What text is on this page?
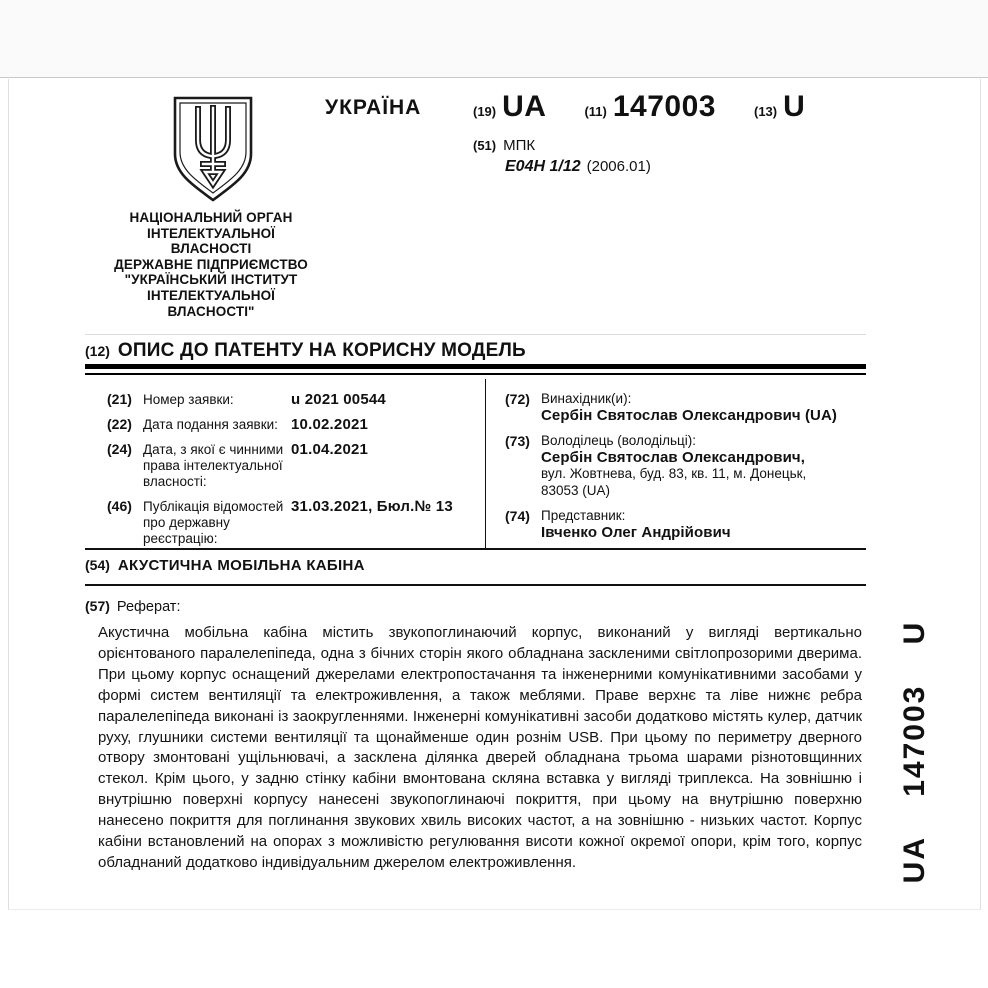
УКРАЇНА	(19) UA	(11) 147003	(13) U
(51) МПК
E04H 1/12 (2006.01)
НАЦІОНАЛЬНИЙ ОРГАН
ІНТЕЛЕКТУАЛЬНОЇ
ВЛАСНОСТІ
ДЕРЖАВНЕ ПІДПРИЄМСТВО
"УКРАЇНСЬКИЙ ІНСТИТУТ
ІНТЕЛЕКТУАЛЬНОЇ
ВЛАСНОСТІ"
(12) ОПИС ДО ПАТЕНТУ НА КОРИСНУ МОДЕЛЬ
(21) Номер заявки:	u 2021 00544
(22) Дата подання заявки: 10.02.2021
(24) Дата, з якої є чинними права інтелектуальної власності:
01.04.2021
(46) Публікація відомостей про державну реєстрацію:
31.03.2021, Бюл.№ 13
(72) Винахідник(и):
Сербін Святослав Олександрович (UA)
(73) Володілець (володільці):
Сербін Святослав Олександрович,
вул. Жовтнева, буд. 83, кв. 11, м. Донецьк,
83053 (UA)
(74) Представник:
Івченко Олег Андрійович
(54) АКУСТИЧНА МОБІЛЬНА КАБІНА
(57) Реферат:
Акустична мобільна кабіна містить звукопоглинаючий корпус, виконаний у вигляді вертикально орієнтованого паралелепіпеда, одна з бічних сторін якого обладнана заскленими світлопрозорими дверима. При цьому корпус оснащений джерелами електропостачання та інженерними комунікативними засобами у формі систем вентиляції та електроживлення, а також меблями. Праве верхнє та ліве нижнє ребра паралелепіпеда виконані із заокругленнями. Інженерні комунікативні засоби додатково містять кулер, датчик руху, глушники системи вентиляції та щонайменше один рознім USB. При цьому по периметру дверного отвору змонтовані ущільнювачі, а засклена ділянка дверей обладнана трьома шарами різнотовщинних стекол. Крім цього, у задню стінку кабіни вмонтована скляна вставка у вигляді триплекса. На зовнішню і внутрішню поверхні корпусу нанесені звукопоглинаючі покриття, при цьому на внутрішню поверхню нанесено покриття для поглинання звукових хвиль високих частот, а на зовнішню - низьких частот. Корпус кабіни встановлений на опорах з можливістю регулювання висоти кожної окремої опори, крім того, корпус обладнаний додатково індивідуальним джерелом електроживлення.	UA 147003 U
